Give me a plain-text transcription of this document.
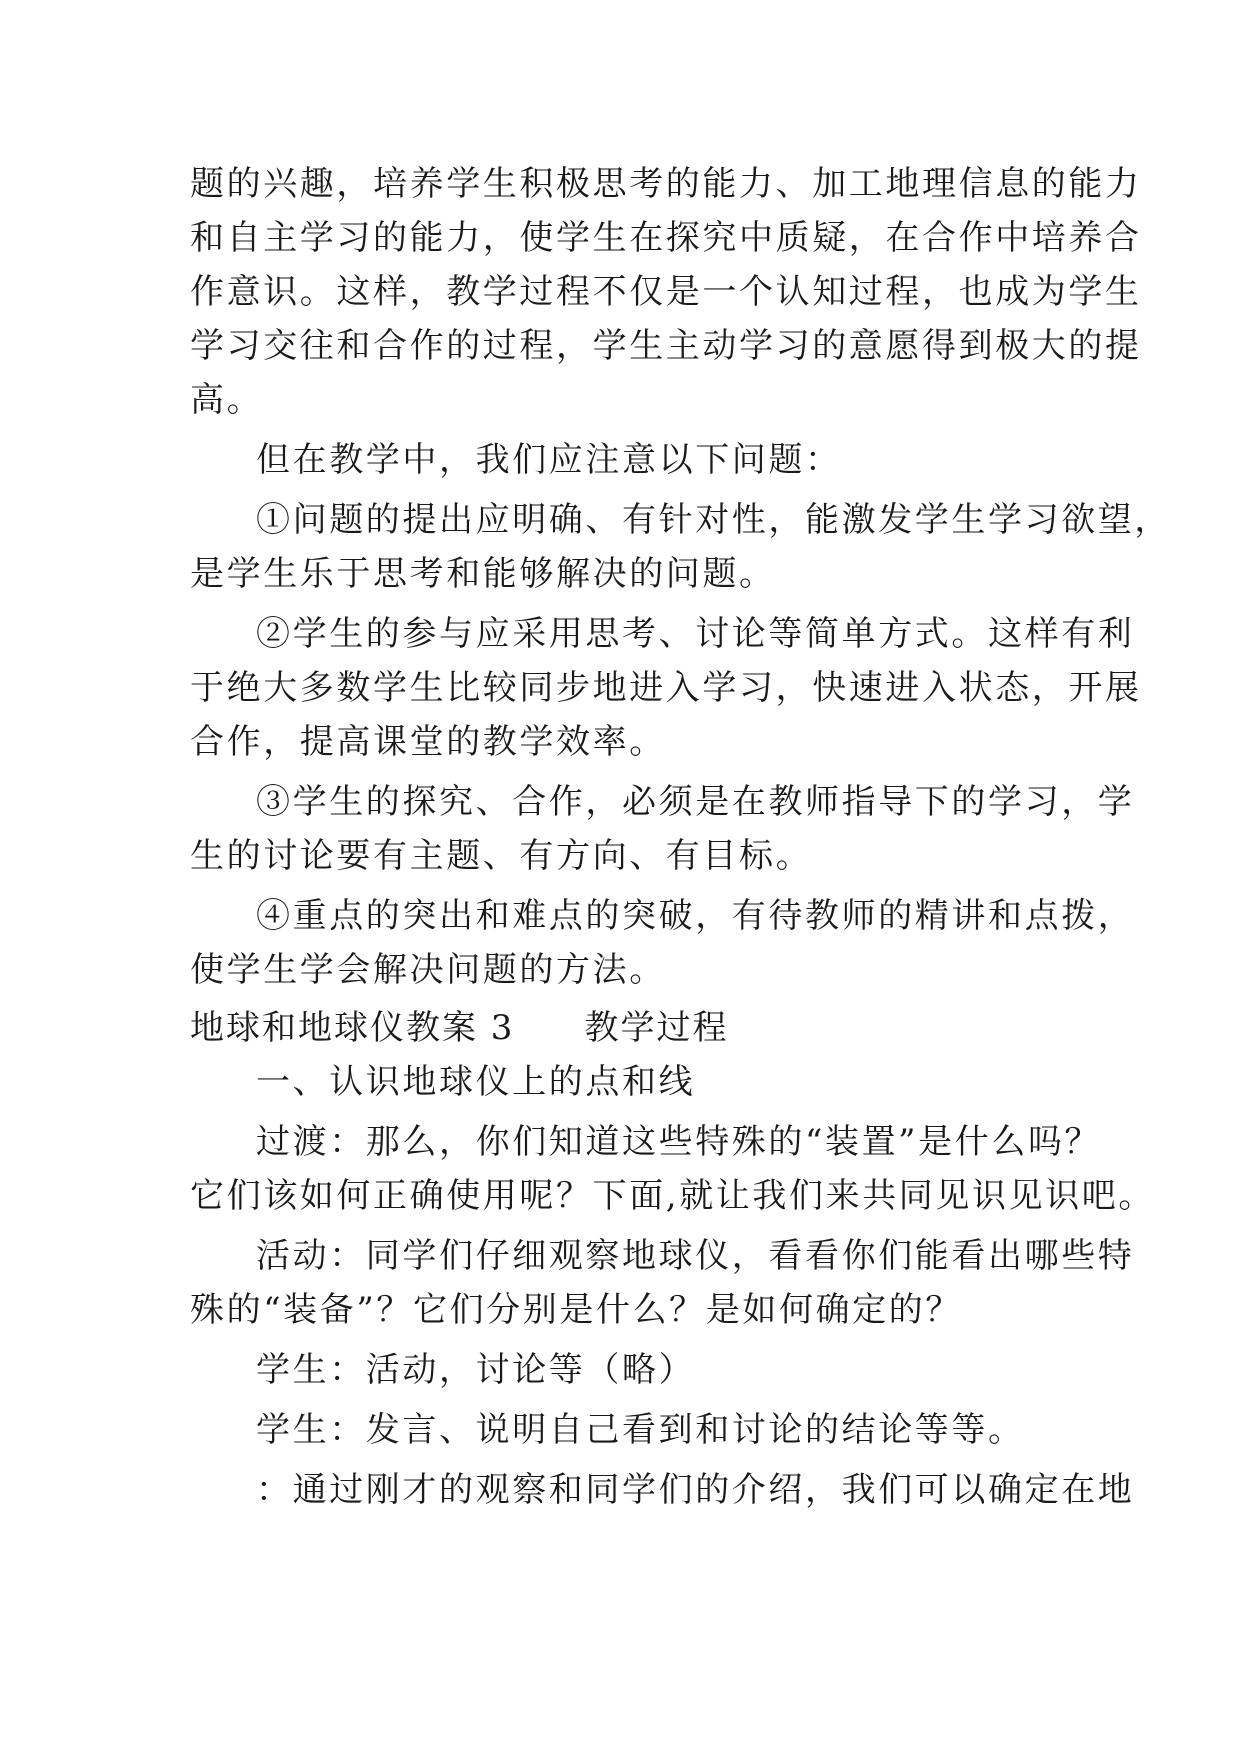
题的兴趣，培养学生积极思考的能力、加工地理信息的能力
和自主学习的能力，使学生在探究中质疑，在合作中培养合
作意识。这样，教学过程不仅是一个认知过程，也成为学生
学习交往和合作的过程，学生主动学习的意愿得到极大的提
高。
但在教学中，我们应注意以下问题：
①问题的提出应明确、有针对性，能激发学生学习欲望，
是学生乐于思考和能够解决的问题。
②学生的参与应采用思考、讨论等简单方式。这样有利
于绝大多数学生比较同步地进入学习，快速进入状态，开展
合作，提高课堂的教学效率。
③学生的探究、合作，必须是在教师指导下的学习，学
生的讨论要有主题、有方向、有目标。
④重点的突出和难点的突破，有待教师的精讲和点拨，
使学生学会解决问题的方法。
地球和地球仪教案 3 教学过程
一、认识地球仪上的点和线
过渡：那么，你们知道这些特殊的“装置”是什么吗？
它们该如何正确使用呢？下面,就让我们来共同见识见识吧。
活动：同学们仔细观察地球仪，看看你们能看出哪些特
殊的“装备”？它们分别是什么？是如何确定的？
学生：活动，讨论等（略）
学生：发言、说明自己看到和讨论的结论等等。
：通过刚才的观察和同学们的介绍，我们可以确定在地
